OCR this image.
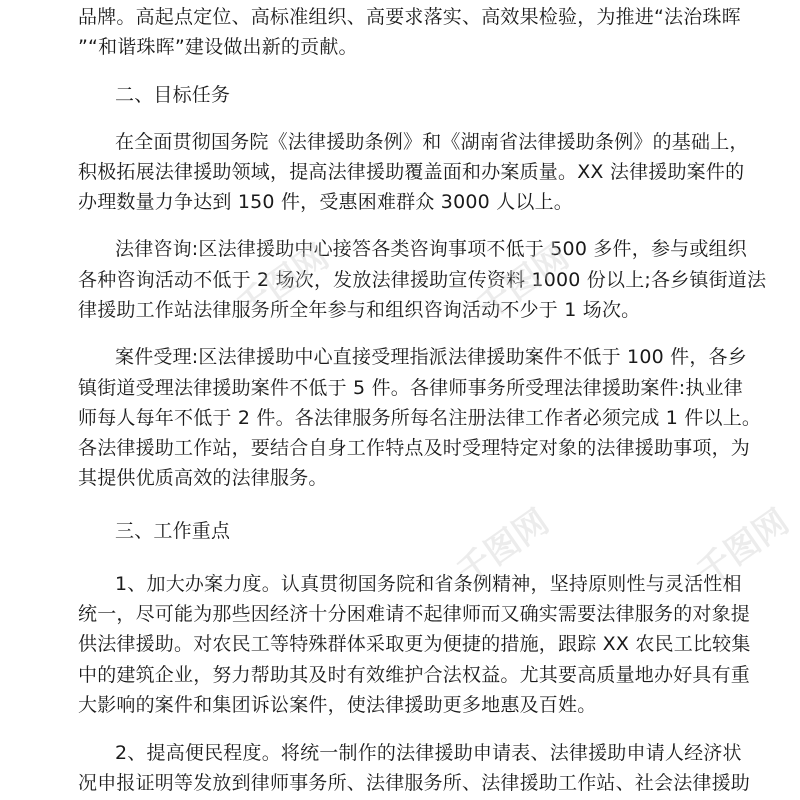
品牌。高起点定位、高标准组织、高要求落实、高效果检验，为推进“法治珠晖
”“和谐珠晖”建设做出新的贡献。
二、目标任务
在全面贯彻国务院《法律援助条例》和《湖南省法律援助条例》的基础上，
积极拓展法律援助领域，提高法律援助覆盖面和办案质量。XX 法律援助案件的
办理数量力争达到 150 件，受惠困难群众 3000 人以上。
法律咨询:区法律援助中心接答各类咨询事项不低于 500 多件，参与或组织
各种咨询活动不低于 2 场次，发放法律援助宣传资料 1000 份以上;各乡镇街道法
律援助工作站法律服务所全年参与和组织咨询活动不少于 1 场次。
案件受理:区法律援助中心直接受理指派法律援助案件不低于 100 件，各乡
镇街道受理法律援助案件不低于 5 件。各律师事务所受理法律援助案件:执业律
师每人每年不低于 2 件。各法律服务所每名注册法律工作者必须完成 1 件以上。
各法律援助工作站，要结合自身工作特点及时受理特定对象的法律援助事项，为
其提供优质高效的法律服务。
三、工作重点
1、加大办案力度。认真贯彻国务院和省条例精神，坚持原则性与灵活性相
统一，尽可能为那些因经济十分困难请不起律师而又确实需要法律服务的对象提
供法律援助。对农民工等特殊群体采取更为便捷的措施，跟踪 XX 农民工比较集
中的建筑企业，努力帮助其及时有效维护合法权益。尤其要高质量地办好具有重
大影响的案件和集团诉讼案件，使法律援助更多地惠及百姓。
2、提高便民程度。将统一制作的法律援助申请表、法律援助申请人经济状
况申报证明等发放到律师事务所、法律服务所、法律援助工作站、社会法律援助
千图网	千图网
千图网	千图网
